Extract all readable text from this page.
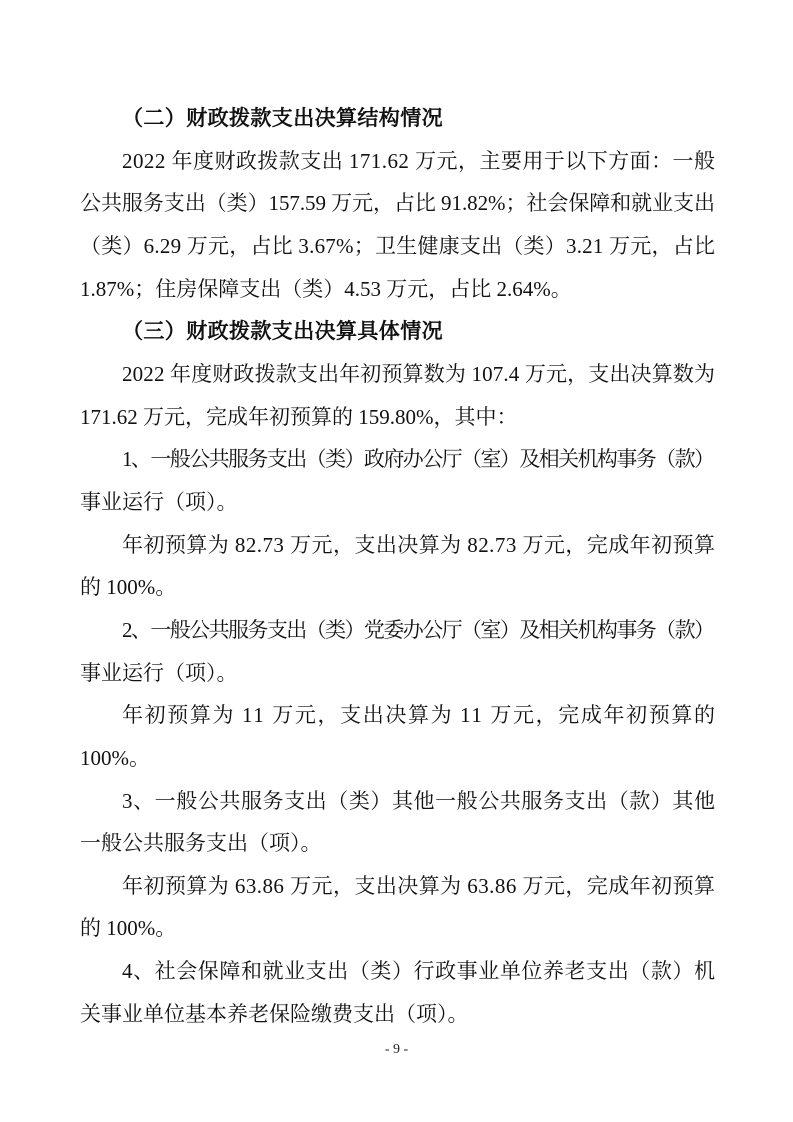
（二）财政拨款支出决算结构情况
2022 年度财政拨款支出 171.62 万元，主要用于以下方面：一般
公共服务支出（类）157.59 万元，占比 91.82%；社会保障和就业支出
（类）6.29 万元，占比 3.67%；卫生健康支出（类）3.21 万元，占比
1.87%；住房保障支出（类）4.53 万元，占比 2.64%。
（三）财政拨款支出决算具体情况
2022 年度财政拨款支出年初预算数为 107.4 万元，支出决算数为
171.62 万元，完成年初预算的 159.80%，其中：
1、一般公共服务支出（类）政府办公厅（室）及相关机构事务（款）
事业运行（项）。
年初预算为 82.73 万元，支出决算为 82.73 万元，完成年初预算
的 100%。
2、一般公共服务支出（类）党委办公厅（室）及相关机构事务（款）
事业运行（项）。
年初预算为 11 万元，支出决算为 11 万元，完成年初预算的
100%。
3、一般公共服务支出（类）其他一般公共服务支出（款）其他
一般公共服务支出（项）。
年初预算为 63.86 万元，支出决算为 63.86 万元，完成年初预算
的 100%。
4、社会保障和就业支出（类）行政事业单位养老支出（款）机
关事业单位基本养老保险缴费支出（项）。
- 9 -
